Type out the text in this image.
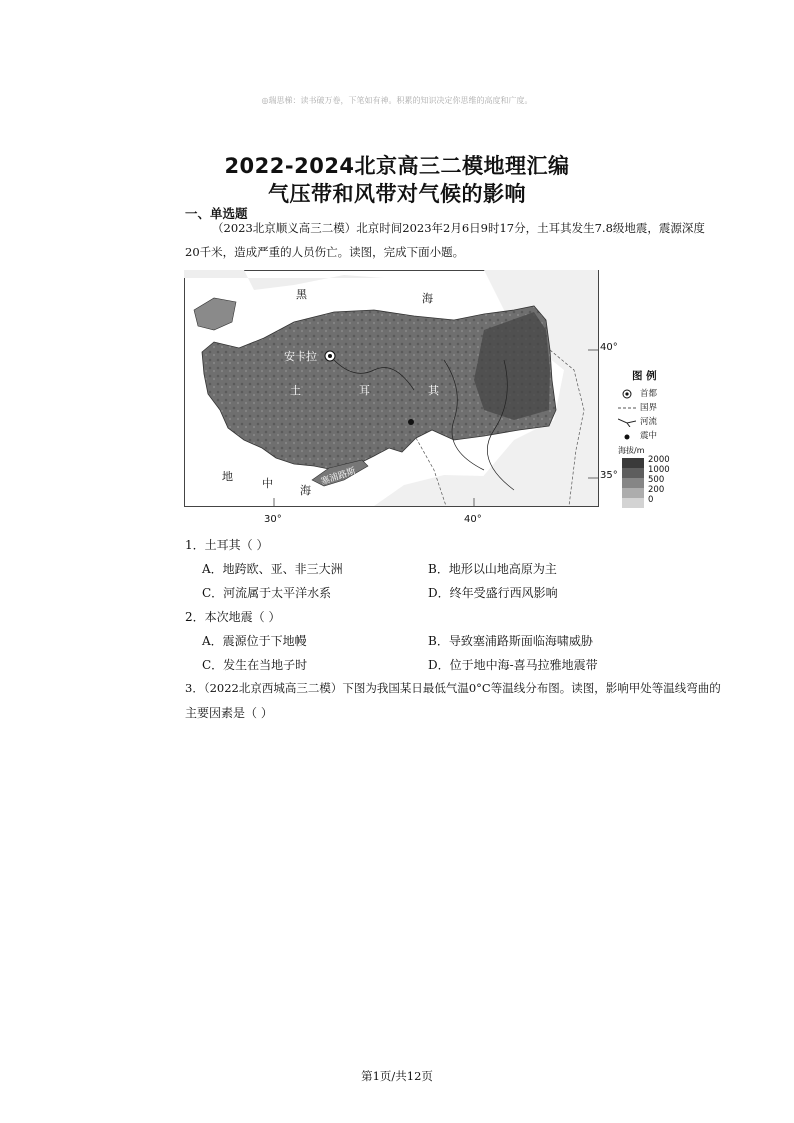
◎瑞思梯：读书破万卷，下笔如有神。积累的知识决定你思维的高度和广度。
2022-2024北京高三二模地理汇编
气压带和风带对气候的影响
一、单选题
（2023北京顺义高三二模）北京时间2023年2月6日9时17分，土耳其发生7.8级地震，震源深度
20千米，造成严重的人员伤亡。读图，完成下面小题。
黑	海
安卡拉
土	耳	其
地
中
海
塞浦路斯
40°
35°
30°	40°
图 例
首都
国界
河流
震中
海拔/m
2000
1000
500
200
0
1．土耳其（ ）
A．地跨欧、亚、非三大洲	B．地形以山地高原为主
C．河流属于太平洋水系	D．终年受盛行西风影响
2．本次地震（ ）
A．震源位于下地幔	B．导致塞浦路斯面临海啸威胁
C．发生在当地子时	D．位于地中海-喜马拉雅地震带
3．（2022北京西城高三二模）下图为我国某日最低气温0°C等温线分布图。读图，影响甲处等温线弯曲的
主要因素是（ ）
第1页/共12页
